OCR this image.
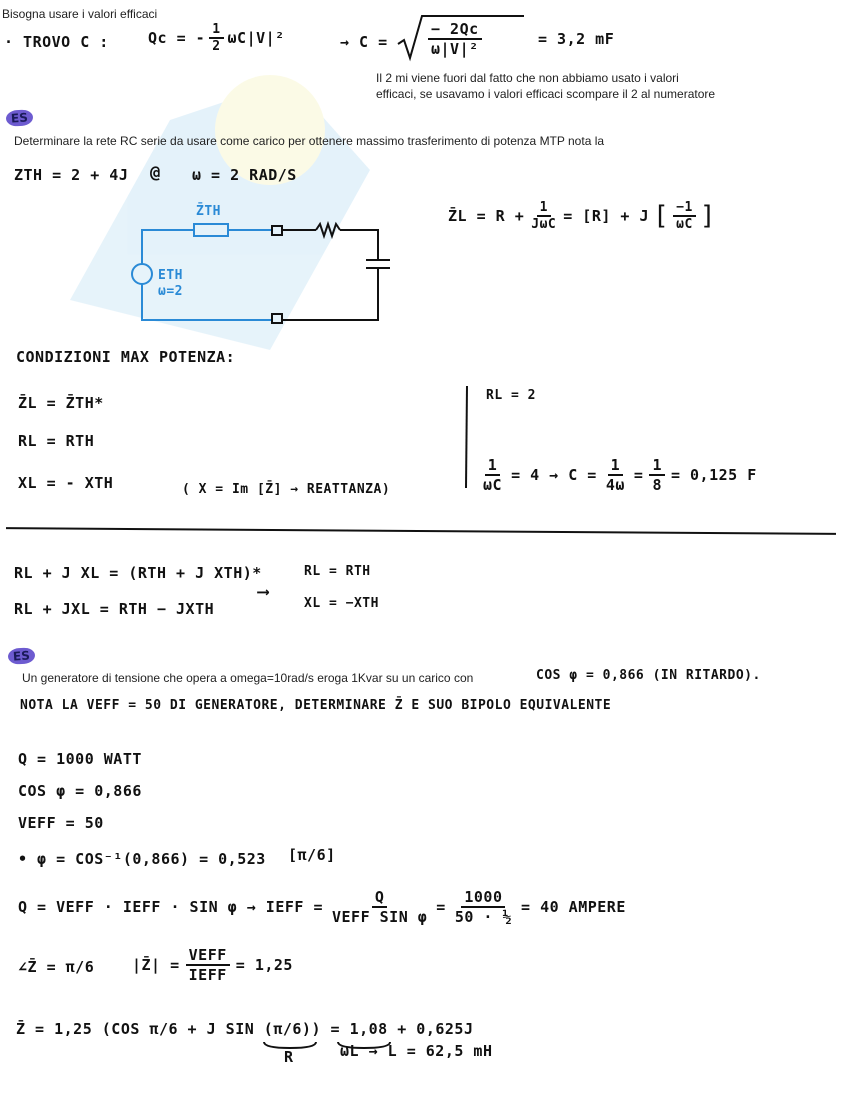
Bisogna usare i valori efficaci
· TROVO C :	Qc = - $\frac{1}{2} \omega C|V|^2$	→ C =	$\frac{- 2Qc}{\text{ω|V|²}}$	= 3,2 mF
Il 2 mi viene fuori dal fatto che non abbiamo usato i valori efficaci, se usavamo i valori efficaci scompare il 2 al numeratore
ES
Determinare la rete RC serie da usare come carico per ottenere massimo trasferimento di potenza MTP nota la
ZTH = 2 + 4J @ ω = 2 RAD/S
Z̄L = $R + \frac{1}{\text{JωC}} = [R] + J$ [ $\frac{-1}{\omega C}$ ]
Z̄TH
ETH
ω=2
CONDIZIONI MAX POTENZA:
Z̄L = Z̄TH*
RL = RTH
XL = - XTH	( X = Im [Z̄] → REATTANZA)
RL = 2
$\frac{1}{\omega C} = 4 \to C = \frac{1}{4\omega} = \frac{1}{8} = 0,125$ F
RL + J XL = (RTH + J XTH)*
RL + JXL = RTH − JXTH
⟶
RL = RTH
XL = −XTH
ES
Un generatore di tensione che opera a omega=10rad/s eroga 1Kvar su un carico con	COS φ = 0,866 (IN RITARDO).
NOTA LA VEFF = 50 DI GENERATORE, DETERMINARE Z̄ E SUO BIPOLO EQUIVALENTE
Q = 1000 WATT
COS φ = 0,866
VEFF = 50
• φ = COS⁻¹(0,866) = 0,523 [π/6]
Q = VEFF · IEFF · SIN φ → IEFF = $\frac{Q}{\text{VEFF SIN φ}} = \frac{1000}{\text{50 · ½}} = 40$ AMPERE
∠Z̄ = π/6	|Z̄| = $\frac{\text{VEFF}}{\text{IEFF}} = 1,25$
Z̄ = 1,25 (COS π/6 + J SIN (π/6)) = 1,08 + 0,625J
R	ωL → L = 62,5 mH
